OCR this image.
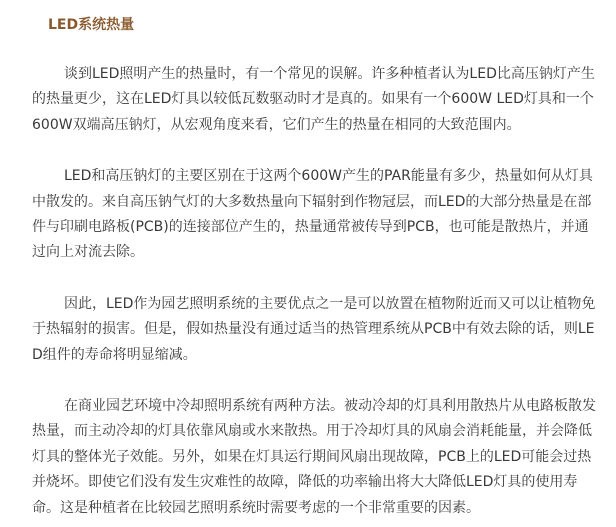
LED系统热量

谈到LED照明产生的热量时，有一个常见的误解。许多种植者认为LED比高压钠灯产生的热量更少，这在LED灯具以较低瓦数驱动时才是真的。如果有一个600W LED灯具和一个600W双端高压钠灯，从宏观角度来看，它们产生的热量在相同的大致范围内。

LED和高压钠灯的主要区别在于这两个600W产生的PAR能量有多少，热量如何从灯具中散发的。来自高压钠气灯的大多数热量向下辐射到作物冠层，而LED的大部分热量是在部件与印刷电路板(PCB)的连接部位产生的，热量通常被传导到PCB，也可能是散热片，并通过向上对流去除。

因此，LED作为园艺照明系统的主要优点之一是可以放置在植物附近而又可以让植物免于热辐射的损害。但是，假如热量没有通过适当的热管理系统从PCB中有效去除的话，则LED组件的寿命将明显缩减。

在商业园艺环境中冷却照明系统有两种方法。被动冷却的灯具利用散热片从电路板散发热量，而主动冷却的灯具依靠风扇或水来散热。用于冷却灯具的风扇会消耗能量，并会降低灯具的整体光子效能。另外，如果在灯具运行期间风扇出现故障，PCB上的LED可能会过热并烧坏。即使它们没有发生灾难性的故障，降低的功率输出将大大降低LED灯具的使用寿命。这是种植者在比较园艺照明系统时需要考虑的一个非常重要的因素。
